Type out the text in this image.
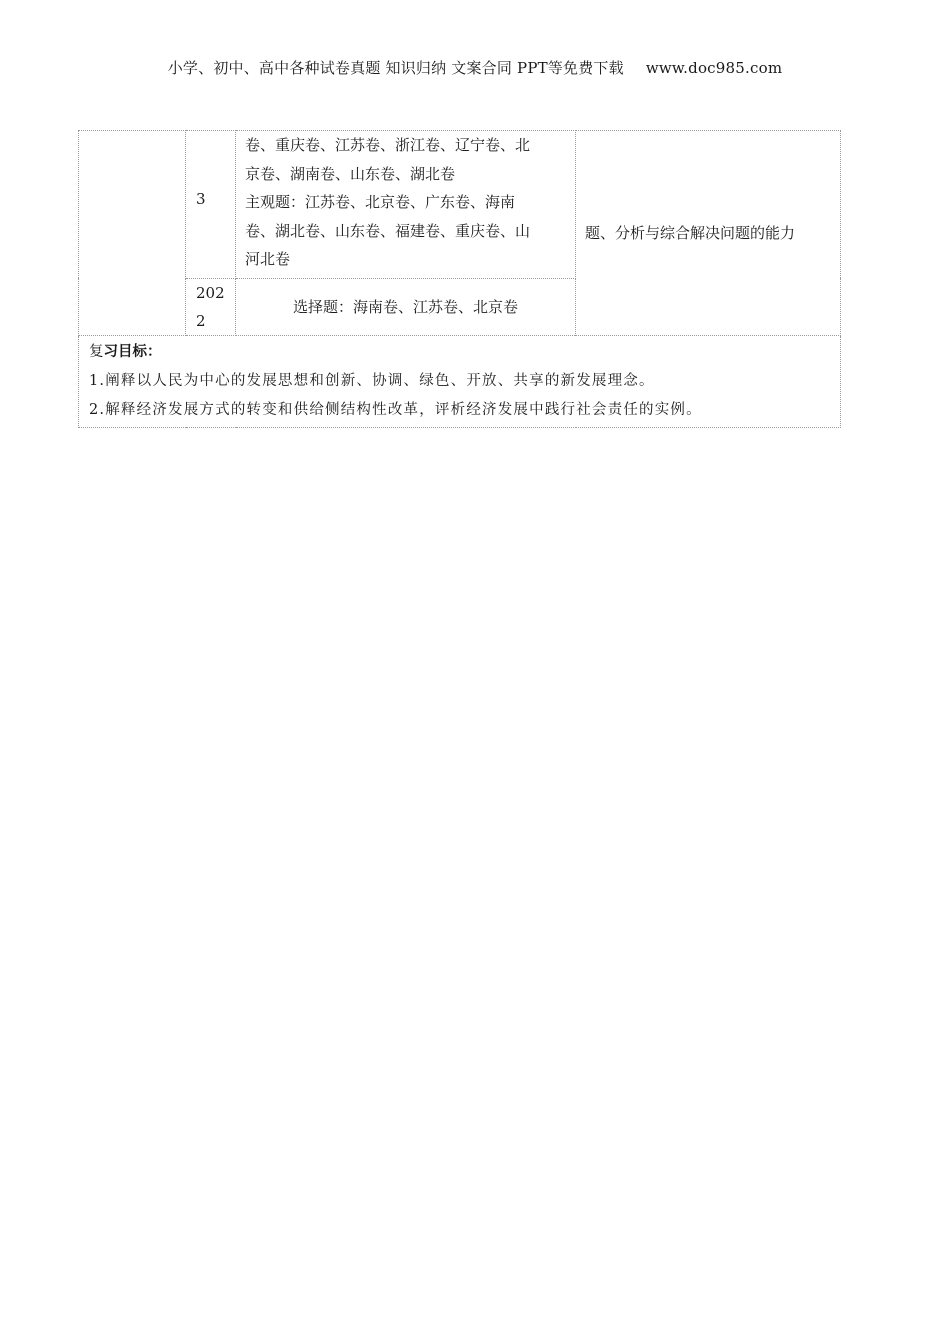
小学、初中、高中各种试卷真题 知识归纳 文案合同 PPT等免费下载 www.doc985.com
	3	卷、重庆卷、江苏卷、浙江卷、辽宁卷、北
京卷、湖南卷、山东卷、湖北卷
主观题：江苏卷、北京卷、广东卷、海南
卷、湖北卷、山东卷、福建卷、重庆卷、山
河北卷	题、分析与综合解决问题的能力
	202
2	选择题：海南卷、江苏卷、北京卷	

复习目标：
1.阐释以人民为中心的发展思想和创新、协调、绿色、开放、共享的新发展理念。
2.解释经济发展方式的转变和供给侧结构性改革，评析经济发展中践行社会责任的实例。			
